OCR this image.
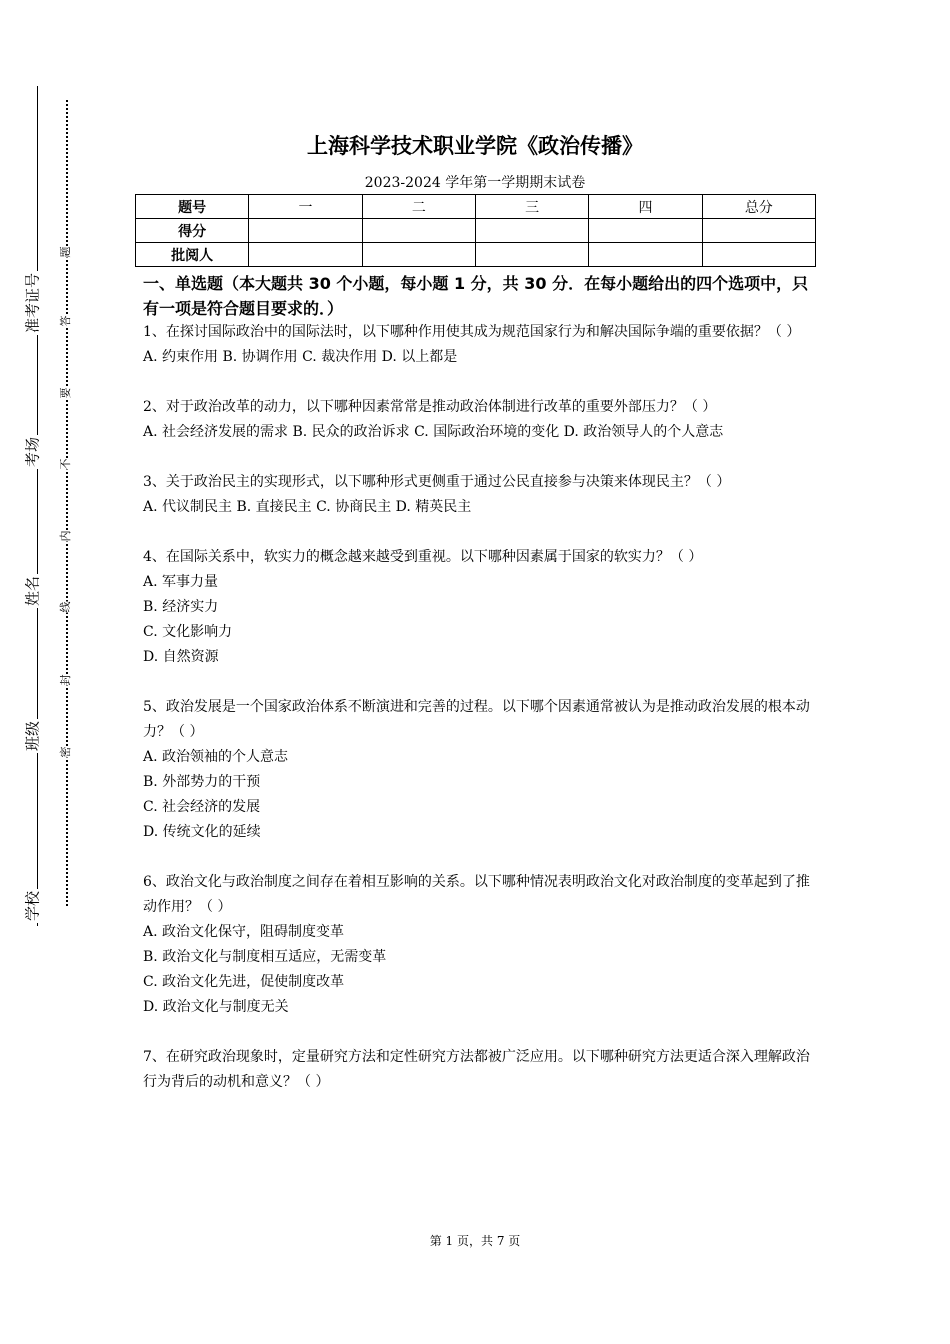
准考证号
考场
姓名
班级
学校
题
答
要
不
内
线
封
密
上海科学技术职业学院《政治传播》
2023-2024 学年第一学期期末试卷
题号	一	二	三	四	总分
得分					
批阅人					
一、单选题（本大题共 30 个小题，每小题 1 分，共 30 分．在每小题给出的四个选项中，只有一项是符合题目要求的．）

1、在探讨国际政治中的国际法时，以下哪种作用使其成为规范国家行为和解决国际争端的重要依据？（ ）

A. 约束作用 B. 协调作用 C. 裁决作用 D. 以上都是

2、对于政治改革的动力，以下哪种因素常常是推动政治体制进行改革的重要外部压力？（ ）

A. 社会经济发展的需求 B. 民众的政治诉求 C. 国际政治环境的变化 D. 政治领导人的个人意志

3、关于政治民主的实现形式，以下哪种形式更侧重于通过公民直接参与决策来体现民主？（ ）

A. 代议制民主 B. 直接民主 C. 协商民主 D. 精英民主

4、在国际关系中，软实力的概念越来越受到重视。以下哪种因素属于国家的软实力？（ ）

A. 军事力量

B. 经济实力

C. 文化影响力

D. 自然资源

5、政治发展是一个国家政治体系不断演进和完善的过程。以下哪个因素通常被认为是推动政治发展的根本动力？（ ）

A. 政治领袖的个人意志

B. 外部势力的干预

C. 社会经济的发展

D. 传统文化的延续

6、政治文化与政治制度之间存在着相互影响的关系。以下哪种情况表明政治文化对政治制度的变革起到了推动作用？（ ）

A. 政治文化保守，阻碍制度变革

B. 政治文化与制度相互适应，无需变革

C. 政治文化先进，促使制度改革

D. 政治文化与制度无关

7、在研究政治现象时，定量研究方法和定性研究方法都被广泛应用。以下哪种研究方法更适合深入理解政治行为背后的动机和意义？（ ）

第 1 页，共 7 页
